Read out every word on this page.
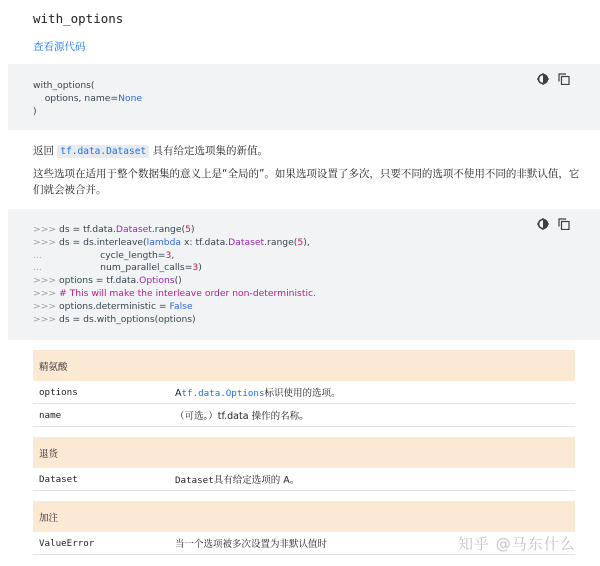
with_options
查看源代码
with_options(
options, name=None
)
返回 tf.data.Dataset 具有给定选项集的新值。
这些选项在适用于整个数据集的意义上是“全局的”。如果选项设置了多次，只要不同的选项不使用不同的非默认值，它们就会被合并。
>>> ds = tf.data.Dataset.range(5)
>>> ds = ds.interleave(lambda x: tf.data.Dataset.range(5),
...                    cycle_length=3,
...                    num_parallel_calls=3)
>>> options = tf.data.Options()
>>> # This will make the interleave order non-deterministic.
>>> options.deterministic = False
>>> ds = ds.with_options(options)
精氨酸	
options	Atf.data.Options标识使用的选项。
name	（可选。）tf.data 操作的名称。
退货
Dataset	Dataset具有给定选项的 A。
加注
ValueError	当一个选项被多次设置为非默认值时	知乎 @马东什么
